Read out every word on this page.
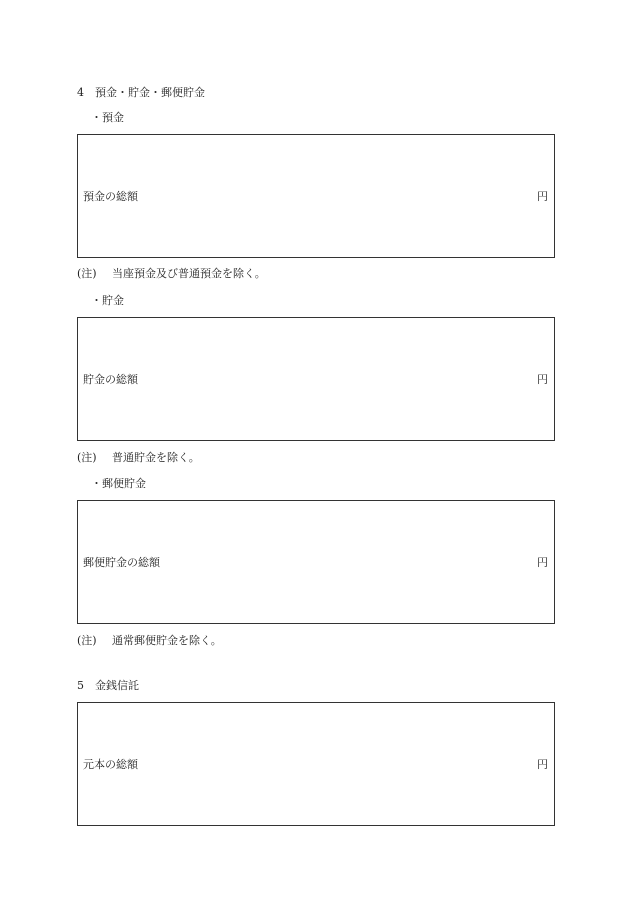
4 預金・貯金・郵便貯金
・預金
預金の総額	円
(注) 当座預金及び普通預金を除く。
・貯金
貯金の総額	円
(注) 普通貯金を除く。
・郵便貯金
郵便貯金の総額	円
(注) 通常郵便貯金を除く。
5 金銭信託
元本の総額	円
